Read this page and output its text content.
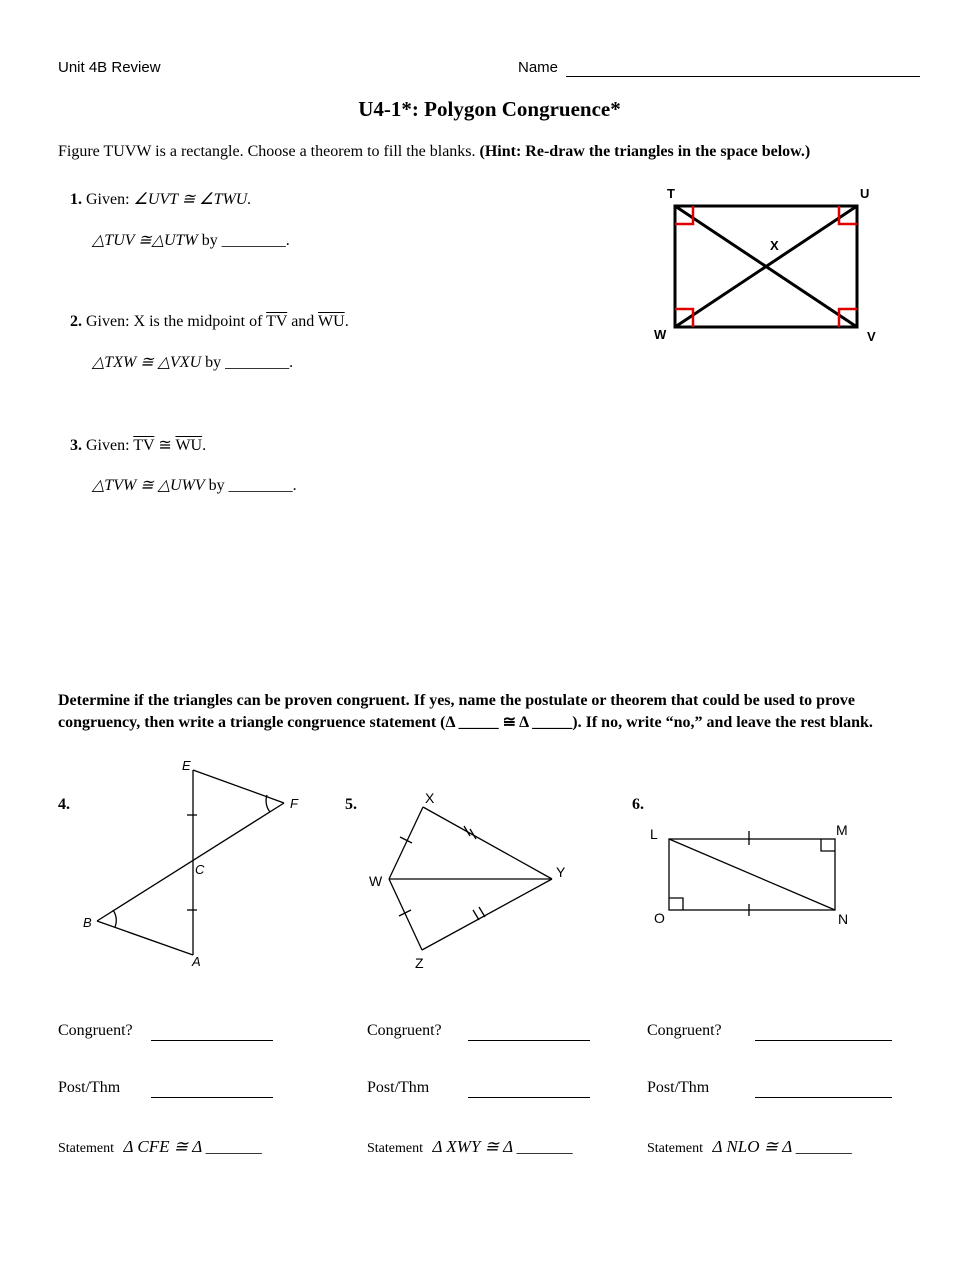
Unit 4B Review	Name
U4-1*: Polygon Congruence*
Figure TUVW is a rectangle. Choose a theorem to fill the blanks. (Hint: Re-draw the triangles in the space below.)
1. Given: ∠UVT ≅ ∠TWU.
△TUV ≅△UTW by ________.
2. Given: X is the midpoint of $\overline{TV}$ and $\overline{WU}$.
△TXW ≅ △VXU by ________.
3. Given: $\overline{TV}$ ≅ $\overline{WU}$.
△TVW ≅ △UWV by ________.
T	U
V
W
X
Determine if the triangles can be proven congruent. If yes, name the postulate or theorem that could be used to prove congruency, then write a triangle congruence statement (Δ _____ ≅ Δ _____). If no, write “no,” and leave the rest blank.
4.	5.	6.
E
F
C
B
A
X
W
Y
Z
L	M
O	N
Congruent?	Congruent?	Congruent?
Post/Thm	Post/Thm	Post/Thm
Statement Δ CFE ≅ Δ _______	Statement Δ XWY ≅ Δ _______	Statement Δ NLO ≅ Δ _______
